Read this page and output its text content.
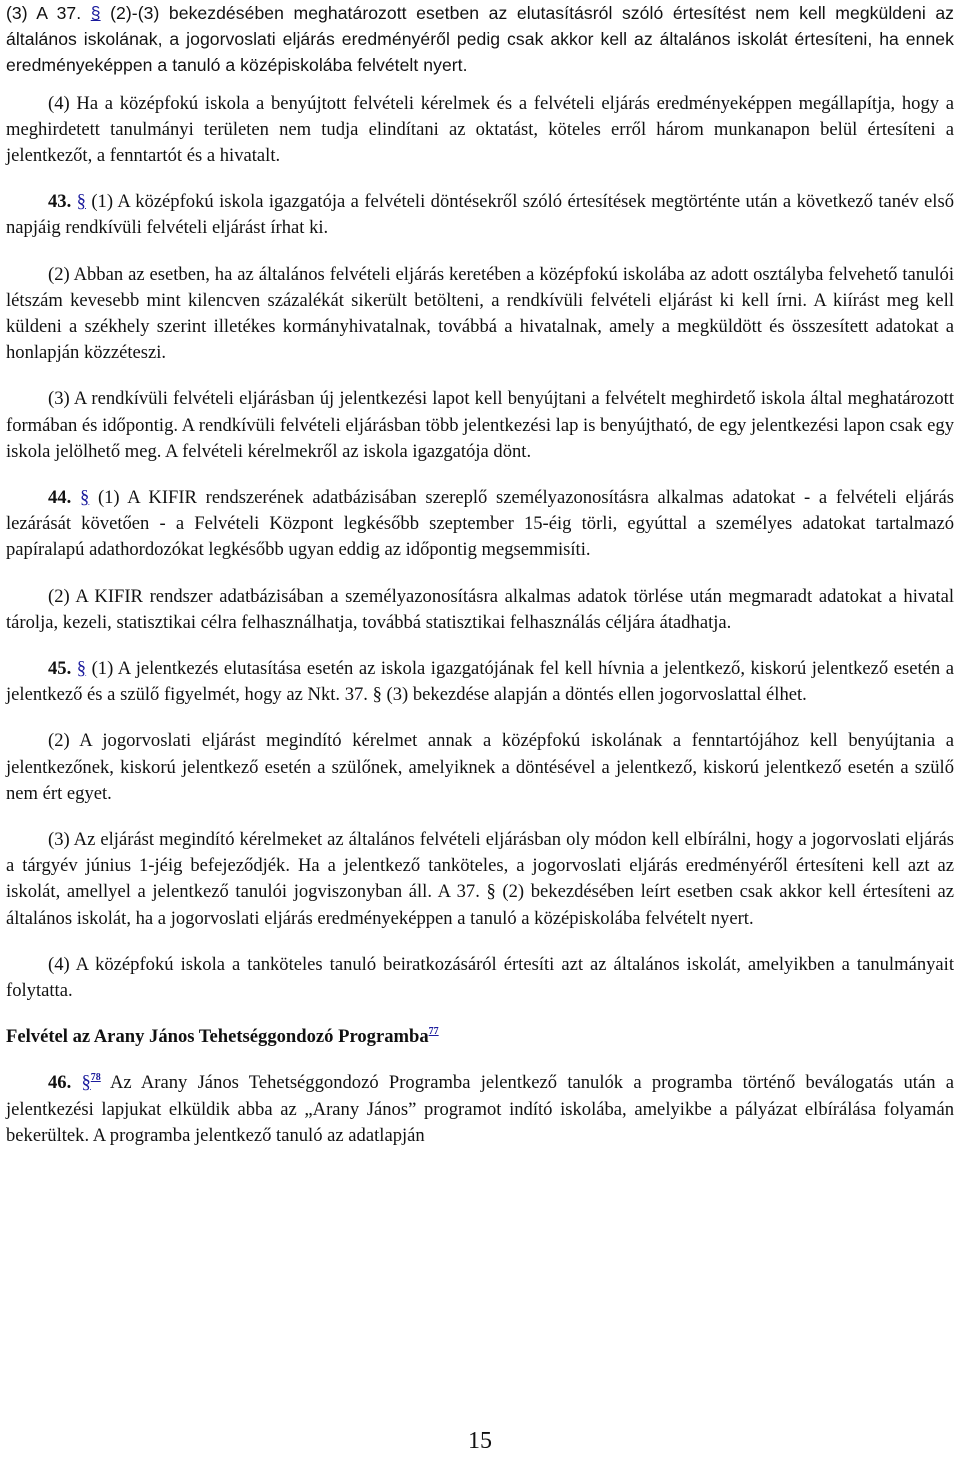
(3) A 37. § (2)-(3) bekezdésében meghatározott esetben az elutasításról szóló értesítést nem kell megküldeni az általános iskolának, a jogorvoslati eljárás eredményéről pedig csak akkor kell az általános iskolát értesíteni, ha ennek eredményeképpen a tanuló a középiskolába felvételt nyert.

(4) Ha a középfokú iskola a benyújtott felvételi kérelmek és a felvételi eljárás eredményeképpen megállapítja, hogy a meghirdetett tanulmányi területen nem tudja elindítani az oktatást, köteles erről három munkanapon belül értesíteni a jelentkezőt, a fenntartót és a hivatalt.

43. § (1) A középfokú iskola igazgatója a felvételi döntésekről szóló értesítések megtörténte után a következő tanév első napjáig rendkívüli felvételi eljárást írhat ki.

(2) Abban az esetben, ha az általános felvételi eljárás keretében a középfokú iskolába az adott osztályba felvehető tanulói létszám kevesebb mint kilencven százalékát sikerült betölteni, a rendkívüli felvételi eljárást ki kell írni. A kiírást meg kell küldeni a székhely szerint illetékes kormányhivatalnak, továbbá a hivatalnak, amely a megküldött és összesített adatokat a honlapján közzéteszi.

(3) A rendkívüli felvételi eljárásban új jelentkezési lapot kell benyújtani a felvételt meghirdető iskola által meghatározott formában és időpontig. A rendkívüli felvételi eljárásban több jelentkezési lap is benyújtható, de egy jelentkezési lapon csak egy iskola jelölhető meg. A felvételi kérelmekről az iskola igazgatója dönt.

44. § (1) A KIFIR rendszerének adatbázisában szereplő személyazonosításra alkalmas adatokat - a felvételi eljárás lezárását követően - a Felvételi Központ legkésőbb szeptember 15-éig törli, egyúttal a személyes adatokat tartalmazó papíralapú adathordozókat legkésőbb ugyan eddig az időpontig megsemmisíti.

(2) A KIFIR rendszer adatbázisában a személyazonosításra alkalmas adatok törlése után megmaradt adatokat a hivatal tárolja, kezeli, statisztikai célra felhasználhatja, továbbá statisztikai felhasználás céljára átadhatja.

45. § (1) A jelentkezés elutasítása esetén az iskola igazgatójának fel kell hívnia a jelentkező, kiskorú jelentkező esetén a jelentkező és a szülő figyelmét, hogy az Nkt. 37. § (3) bekezdése alapján a döntés ellen jogorvoslattal élhet.

(2) A jogorvoslati eljárást megindító kérelmet annak a középfokú iskolának a fenntartójához kell benyújtania a jelentkezőnek, kiskorú jelentkező esetén a szülőnek, amelyiknek a döntésével a jelentkező, kiskorú jelentkező esetén a szülő nem ért egyet.

(3) Az eljárást megindító kérelmeket az általános felvételi eljárásban oly módon kell elbírálni, hogy a jogorvoslati eljárás a tárgyév június 1-jéig befejeződjék. Ha a jelentkező tanköteles, a jogorvoslati eljárás eredményéről értesíteni kell azt az iskolát, amellyel a jelentkező tanulói jogviszonyban áll. A 37. § (2) bekezdésében leírt esetben csak akkor kell értesíteni az általános iskolát, ha a jogorvoslati eljárás eredményeképpen a tanuló a középiskolába felvételt nyert.

(4) A középfokú iskola a tanköteles tanuló beiratkozásáról értesíti azt az általános iskolát, amelyikben a tanulmányait folytatta.

Felvétel az Arany János Tehetséggondozó Programba$^{77}$

46. §$^{78}$ Az Arany János Tehetséggondozó Programba jelentkező tanulók a programba történő beválogatás után a jelentkezési lapjukat elküldik abba az „Arany János” programot indító iskolába, amelyikbe a pályázat elbírálása folyamán bekerültek. A programba jelentkező tanuló az adatlapján

15
